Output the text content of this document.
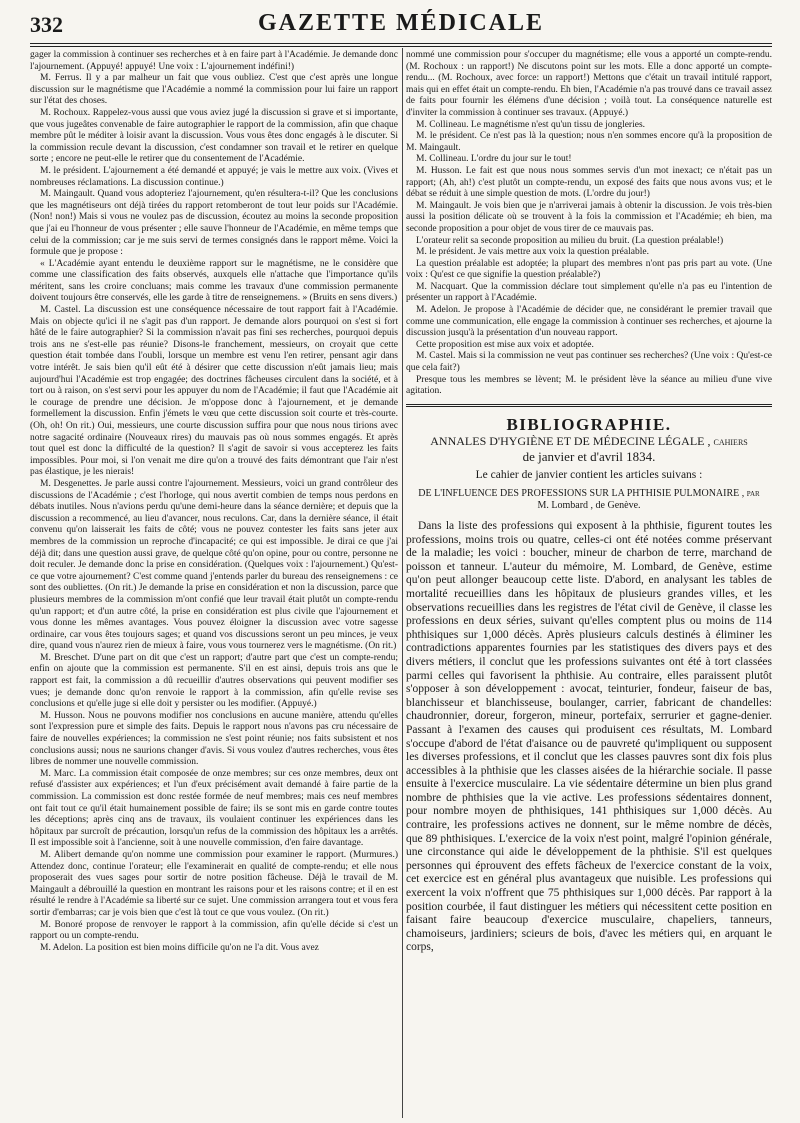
332	GAZETTE MÉDICALE

gager la commission à continuer ses recherches et à en faire part à l'Académie. Je demande donc l'ajournement. (Appuyé! appuyé! Une voix : L'ajournement indéfini!)

M. Ferrus. Il y a par malheur un fait que vous oubliez. C'est que c'est après une longue discussion sur le magnétisme que l'Académie a nommé la commission pour lui faire un rapport sur l'état des choses.

M. Rochoux. Rappelez-vous aussi que vous aviez jugé la discussion si grave et si importante, que vous jugeâtes convenable de faire autographier le rapport de la commission, afin que chaque membre pût le méditer à loisir avant la discussion. Vous vous êtes donc engagés à le discuter. Si la commission recule devant la discussion, c'est condamner son travail et le retirer en quelque sorte ; encore ne peut-elle le retirer que du consentement de l'Académie.

M. le président. L'ajournement a été demandé et appuyé; je vais le mettre aux voix. (Vives et nombreuses réclamations. La discussion continue.)

M. Maingault. Quand vous adopteriez l'ajournement, qu'en résultera-t-il? Que les conclusions que les magnétiseurs ont déjà tirées du rapport retomberont de tout leur poids sur l'Académie. (Non! non!) Mais si vous ne voulez pas de discussion, écoutez au moins la seconde proposition que j'ai eu l'honneur de vous présenter ; elle sauve l'honneur de l'Académie, en même temps que celui de la commission; car je me suis servi de termes consignés dans le rapport même. Voici la formule que je propose :

« L'Académie ayant entendu le deuxième rapport sur le magnétisme, ne le considère que comme une classification des faits observés, auxquels elle n'attache que l'importance qu'ils méritent, sans les croire concluans; mais comme les travaux d'une commission permanente doivent toujours être conservés, elle les garde à titre de renseignemens. » (Bruits en sens divers.)

M. Castel. La discussion est une conséquence nécessaire de tout rapport fait à l'Académie. Mais on objecte qu'ici il ne s'agit pas d'un rapport. Je demande alors pourquoi on s'est si fort hâté de le faire autographier? Si la commission n'avait pas fini ses recherches, pourquoi depuis trois ans ne s'est-elle pas réunie? Disons-le franchement, messieurs, on croyait que cette question était tombée dans l'oubli, lorsque un membre est venu l'en retirer, pensant agir dans votre intérêt. Je sais bien qu'il eût été à désirer que cette discussion n'eût jamais lieu; mais aujourd'hui l'Académie est trop engagée; des doctrines fâcheuses circulent dans la société, et à tort ou à raison, on s'est servi pour les appuyer du nom de l'Académie; il faut que l'Académie ait le courage de prendre une décision. Je m'oppose donc à l'ajournement, et je demande formellement la discussion. Enfin j'émets le vœu que cette discussion soit courte et très-courte. (Oh, oh! On rit.) Oui, messieurs, une courte discussion suffira pour que nous nous tirions avec notre sagacité ordinaire (Nouveaux rires) du mauvais pas où nous sommes engagés. Et après tout quel est donc la difficulté de la question? Il s'agit de savoir si vous accepterez les faits impossibles. Pour moi, si l'on venait me dire qu'on a trouvé des faits démontrant que l'air n'est pas élastique, je les nierais!

M. Desgenettes. Je parle aussi contre l'ajournement. Messieurs, voici un grand contrôleur des discussions de l'Académie ; c'est l'horloge, qui nous avertit combien de temps nous perdons en débats inutiles. Nous n'avions perdu qu'une demi-heure dans la séance dernière; et depuis que la discussion a recommencé, au lieu d'avancer, nous reculons. Car, dans la dernière séance, il était convenu qu'on laisserait les faits de côté; vous ne pouvez contester les faits sans jeter aux membres de la commission un reproche d'incapacité; ce qui est impossible. Je dirai ce que j'ai déjà dit; dans une question aussi grave, de quelque côté qu'on opine, pour ou contre, personne ne doit reculer. Je demande donc la prise en considération. (Quelques voix : l'ajournement.) Qu'est-ce que votre ajournement? C'est comme quand j'entends parler du bureau des renseignemens : ce sont des oubliettes. (On rit.) Je demande la prise en considération et non la discussion, parce que plusieurs membres de la commission m'ont confié que leur travail était plutôt un compte-rendu qu'un rapport; et d'un autre côté, la prise en considération est plus civile que l'ajournement et vous donne les mêmes avantages. Vous pouvez éloigner la discussion avec votre sagesse ordinaire, car vous êtes toujours sages; et quand vos discussions seront un peu minces, je veux dire, quand vous n'aurez rien de mieux à faire, vous vous tournerez vers le magnétisme. (On rit.)

M. Breschet. D'une part on dit que c'est un rapport; d'autre part que c'est un compte-rendu; enfin on ajoute que la commission est permanente. S'il en est ainsi, depuis trois ans que le rapport est fait, la commission a dû recueillir d'autres observations qui peuvent modifier ses vues; je demande donc qu'on renvoie le rapport à la commission, afin qu'elle revise ses conclusions et qu'elle juge si elle doit y persister ou les modifier. (Appuyé.)

M. Husson. Nous ne pouvons modifier nos conclusions en aucune manière, attendu qu'elles sont l'expression pure et simple des faits. Depuis le rapport nous n'avons pas cru nécessaire de faire de nouvelles expériences; la commission ne s'est point réunie; nos faits subsistent et nos conclusions aussi; nous ne saurions changer d'avis. Si vous voulez d'autres recherches, vous êtes libres de nommer une nouvelle commission.

M. Marc. La commission était composée de onze membres; sur ces onze membres, deux ont refusé d'assister aux expériences; et l'un d'eux précisément avait demandé à faire partie de la commission. La commission est donc restée formée de neuf membres; mais ces neuf membres ont fait tout ce qu'il était humainement possible de faire; ils se sont mis en garde contre toutes les déceptions; après cinq ans de travaux, ils voulaient continuer les expériences dans les hôpitaux par surcroît de précaution, lorsqu'un refus de la commission des hôpitaux les a arrêtés. Il est impossible soit à l'ancienne, soit à une nouvelle commission, d'en faire davantage.

M. Alibert demande qu'on nomme une commission pour examiner le rapport. (Murmures.) Attendez donc, continue l'orateur; elle l'examinerait en qualité de compte-rendu; et elle nous proposerait des vues sages pour sortir de notre position fâcheuse. Déjà le travail de M. Maingault a débrouillé la question en montrant les raisons pour et les raisons contre; et il en est résulté le rendre à l'Académie sa liberté sur ce sujet. Une commission arrangera tout et vous fera sortir d'embarras; car je vois bien que c'est là tout ce que vous voulez. (On rit.)

M. Bonoré propose de renvoyer le rapport à la commission, afin qu'elle décide si c'est un rapport ou un compte-rendu.

M. Adelon. La position est bien moins difficile qu'on ne l'a dit. Vous avez

nommé une commission pour s'occuper du magnétisme; elle vous a apporté un compte-rendu. (M. Rochoux : un rapport!) Ne discutons point sur les mots. Elle a donc apporté un compte-rendu... (M. Rochoux, avec force: un rapport!) Mettons que c'était un travail intitulé rapport, mais qui en effet était un compte-rendu. Eh bien, l'Académie n'a pas trouvé dans ce travail assez de faits pour fournir les élémens d'une décision ; voilà tout. La conséquence naturelle est d'inviter la commission à continuer ses travaux. (Appuyé.)

M. Collineau. Le magnétisme n'est qu'un tissu de jongleries.

M. le président. Ce n'est pas là la question; nous n'en sommes encore qu'à la proposition de M. Maingault.

M. Collineau. L'ordre du jour sur le tout!

M. Husson. Le fait est que nous nous sommes servis d'un mot inexact; ce n'était pas un rapport; (Ah, ah!) c'est plutôt un compte-rendu, un exposé des faits que nous avons vus; et le débat se réduit à une simple question de mots. (L'ordre du jour!)

M. Maingault. Je vois bien que je n'arriverai jamais à obtenir la discussion. Je vois très-bien aussi la position délicate où se trouvent à la fois la commission et l'Académie; eh bien, ma seconde proposition a pour objet de vous tirer de ce mauvais pas.

L'orateur relit sa seconde proposition au milieu du bruit. (La question préalable!)

M. le président. Je vais mettre aux voix la question préalable.

La question préalable est adoptée; la plupart des membres n'ont pas pris part au vote. (Une voix : Qu'est ce que signifie la question préalable?)

M. Nacquart. Que la commission déclare tout simplement qu'elle n'a pas eu l'intention de présenter un rapport à l'Académie.

M. Adelon. Je propose à l'Académie de décider que, ne considérant le premier travail que comme une communication, elle engage la commission à continuer ses recherches, et ajourne la discussion jusqu'à la présentation d'un nouveau rapport.

Cette proposition est mise aux voix et adoptée.

M. Castel. Mais si la commission ne veut pas continuer ses recherches? (Une voix : Qu'est-ce que cela fait?)

Presque tous les membres se lèvent; M. le président lève la séance au milieu d'une vive agitation.

BIBLIOGRAPHIE.
ANNALES D'HYGIÈNE ET DE MÉDECINE LÉGALE , cahiers
de janvier et d'avril 1834.
Le cahier de janvier contient les articles suivans :
DE L'INFLUENCE DES PROFESSIONS SUR LA PHTHISIE PULMONAIRE , par
M. Lombard , de Genève.

Dans la liste des professions qui exposent à la phthisie, figurent toutes les professions, moins trois ou quatre, celles-ci ont été notées comme préservant de la maladie; les voici : boucher, mineur de charbon de terre, marchand de poisson et tanneur. L'auteur du mémoire, M. Lombard, de Genève, estime qu'on peut allonger beaucoup cette liste. D'abord, en analysant les tables de mortalité recueillies dans les hôpitaux de plusieurs grandes villes, et les observations recueillies dans les registres de l'état civil de Genève, il classe les professions en deux séries, suivant qu'elles comptent plus ou moins de 114 phthisiques sur 1,000 décès. Après plusieurs calculs destinés à éliminer les contradictions apparentes fournies par les statistiques des divers pays et des divers métiers, il conclut que les professions suivantes ont été à tort classées parmi celles qui favorisent la phthisie. Au contraire, elles paraissent plutôt s'opposer à son développement : avocat, teinturier, fondeur, faiseur de bas, blanchisseur et blanchisseuse, boulanger, carrier, fabricant de chandelles: chaudronnier, doreur, forgeron, mineur, portefaix, serrurier et gagne-denier. Passant à l'examen des causes qui produisent ces résultats, M. Lombard s'occupe d'abord de l'état d'aisance ou de pauvreté qu'impliquent ou supposent les diverses professions, et il conclut que les classes pauvres sont dix fois plus accessibles à la phthisie que les classes aisées de la hiérarchie sociale. Il passe ensuite à l'exercice musculaire. La vie sédentaire détermine un bien plus grand nombre de phthisies que la vie active. Les professions sédentaires donnent, pour nombre moyen de phthisiques, 141 phthisiques sur 1,000 décès. Au contraire, les professions actives ne donnent, sur le même nombre de décès, que 89 phthisiques. L'exercice de la voix n'est point, malgré l'opinion générale, une circonstance qui aide le développement de la phthisie. S'il est quelques personnes qui éprouvent des effets fâcheux de l'exercice constant de la voix, cet exercice est en général plus avantageux que nuisible. Les professions qui exercent la voix n'offrent que 75 phthisiques sur 1,000 décès. Par rapport à la position courbée, il faut distinguer les métiers qui nécessitent cette position en faisant faire beaucoup d'exercice musculaire, chapeliers, tanneurs, chamoiseurs, jardiniers; scieurs de bois, d'avec les métiers qui, en arquant le corps,
